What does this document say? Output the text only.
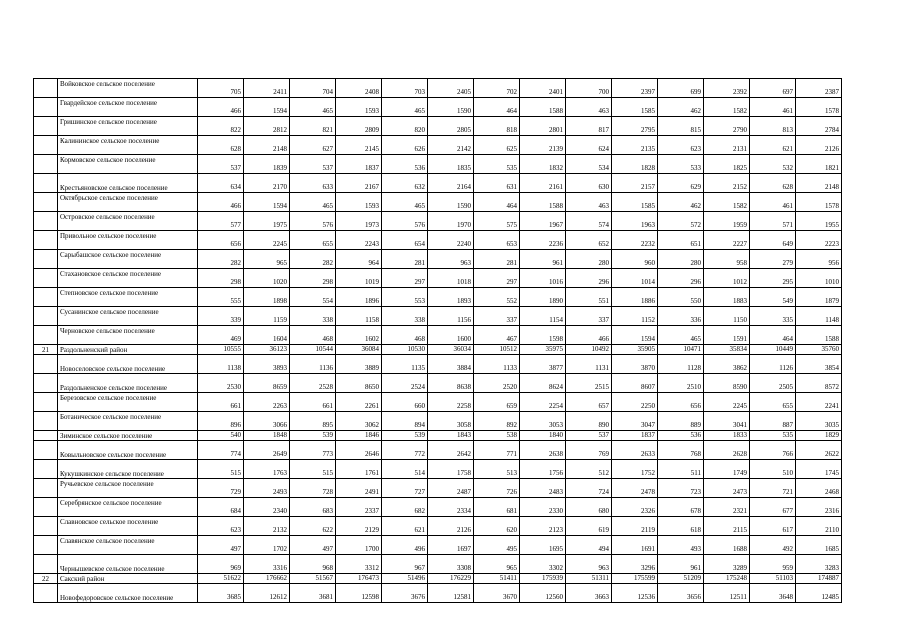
	Войковское сельское поселение	705	2411	704	2408	703	2405	702	2401	700	2397	699	2392	697	2387
	Гвардейское сельское поселение	466	1594	465	1593	465	1590	464	1588	463	1585	462	1582	461	1578
	Гришинское сельское поселение	822	2812	821	2809	820	2805	818	2801	817	2795	815	2790	813	2784
	Калининское сельское поселение	628	2148	627	2145	626	2142	625	2139	624	2135	623	2131	621	2126
	Кормовское сельское поселение	537	1839	537	1837	536	1835	535	1832	534	1828	533	1825	532	1821
	Крестьяновское сельское поселение	634	2170	633	2167	632	2164	631	2161	630	2157	629	2152	628	2148
	Октябрьское сельское поселение	466	1594	465	1593	465	1590	464	1588	463	1585	462	1582	461	1578
	Островское сельское поселение	577	1975	576	1973	576	1970	575	1967	574	1963	572	1959	571	1955
	Привольное сельское поселение	656	2245	655	2243	654	2240	653	2236	652	2232	651	2227	649	2223
	Сарыбашское сельское поселение	282	965	282	964	281	963	281	961	280	960	280	958	279	956
	Стахановское сельское поселение	298	1020	298	1019	297	1018	297	1016	296	1014	296	1012	295	1010
	Степновское сельское поселение	555	1898	554	1896	553	1893	552	1890	551	1886	550	1883	549	1879
	Сусанинское сельское поселение	339	1159	338	1158	338	1156	337	1154	337	1152	336	1150	335	1148
	Черновское сельское поселение	469	1604	468	1602	468	1600	467	1598	466	1594	465	1591	464	1588
21	Раздольненский район	10555	36123	10544	36084	10530	36034	10512	35975	10492	35905	10471	35834	10449	35760
	Новоселовское сельское поселение	1138	3893	1136	3889	1135	3884	1133	3877	1131	3870	1128	3862	1126	3854
	Раздольненское сельское поселение	2530	8659	2528	8650	2524	8638	2520	8624	2515	8607	2510	8590	2505	8572
	Березовское сельское поселение	661	2263	661	2261	660	2258	659	2254	657	2250	656	2245	655	2241
	Ботаническое сельское поселение	896	3066	895	3062	894	3058	892	3053	890	3047	889	3041	887	3035
	Зиминское сельское поселение	540	1848	539	1846	539	1843	538	1840	537	1837	536	1833	535	1829
	Ковыльновское сельское поселение	774	2649	773	2646	772	2642	771	2638	769	2633	768	2628	766	2622
	Кукушкинское сельское поселение	515	1763	515	1761	514	1758	513	1756	512	1752	511	1749	510	1745
	Ручьевское сельское поселение	729	2493	728	2491	727	2487	726	2483	724	2478	723	2473	721	2468
	Серебрянское сельское поселение	684	2340	683	2337	682	2334	681	2330	680	2326	678	2321	677	2316
	Славновское сельское поселение	623	2132	622	2129	621	2126	620	2123	619	2119	618	2115	617	2110
	Славянское сельское поселение	497	1702	497	1700	496	1697	495	1695	494	1691	493	1688	492	1685
	Чернышевское сельское поселение	969	3316	968	3312	967	3308	965	3302	963	3296	961	3289	959	3283
22	Сакский район	51622	176662	51567	176473	51496	176229	51411	175939	51311	175599	51209	175248	51103	174887
	Новофедоровское сельское поселение	3685	12612	3681	12598	3676	12581	3670	12560	3663	12536	3656	12511	3648	12485
